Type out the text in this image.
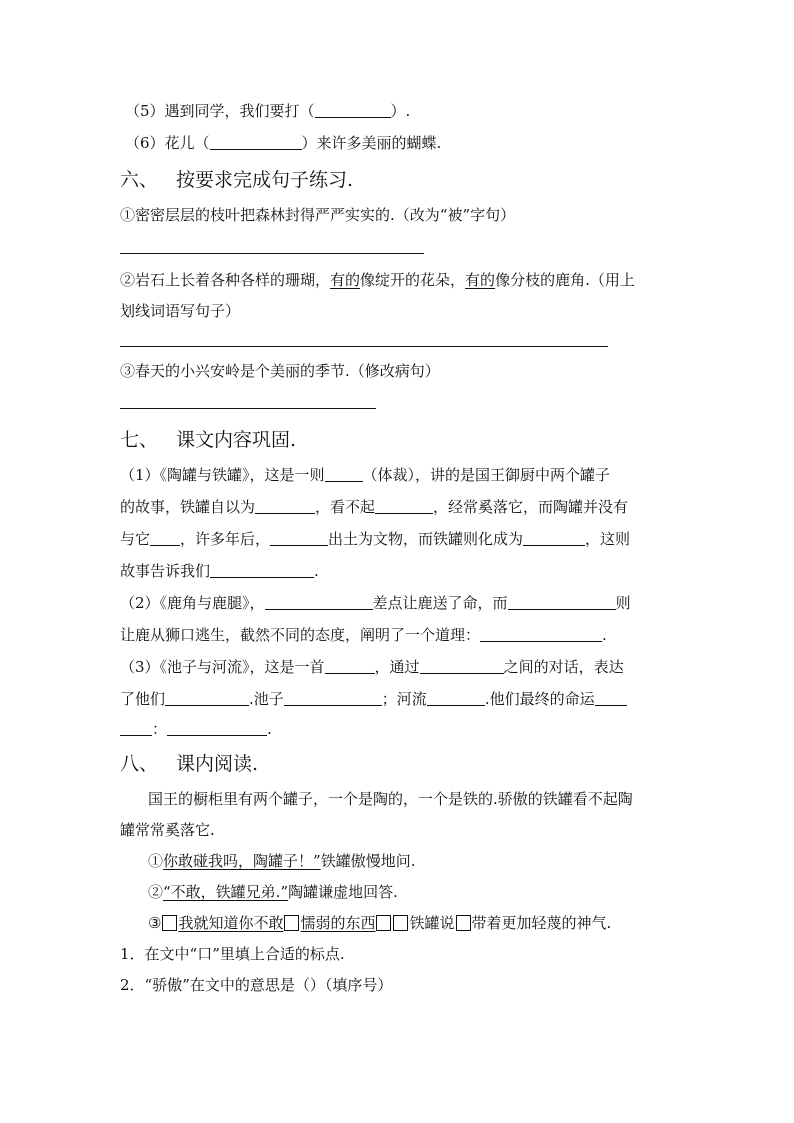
（5）遇到同学，我们要打（	）.
（6）花儿（	）来许多美丽的蝴蝶.
六、 按要求完成句子练习.
①密密层层的枝叶把森林封得严严实实的.（改为“被”字句）
②岩石上长着各种各样的珊瑚，有的像绽开的花朵，有的像分枝的鹿角.（用上
划线词语写句子）
③春天的小兴安岭是个美丽的季节.（修改病句）
七、 课文内容巩固.
（1）《陶罐与铁罐》，这是一则	（体裁），讲的是国王御厨中两个罐子
的故事，铁罐自以为	，看不起	，经常奚落它，而陶罐并没有
与它 ，许多年后，	出土为文物，而铁罐则化成为	，这则
故事告诉我们	.
（2）《鹿角与鹿腿》，	差点让鹿送了命，而	则
让鹿从狮口逃生，截然不同的态度，阐明了一个道理：	.
（3）《池子与河流》，这是一首	，通过	之间的对话，表达
了他们	.池子	；河流	.他们最终的命运
：	.
八、 课内阅读.
国王的橱柜里有两个罐子，一个是陶的，一个是铁的.骄傲的铁罐看不起陶
罐常常奚落它.
①你敢碰我吗，陶罐子！”铁罐傲慢地问.
②“不敢，铁罐兄弟.”陶罐谦虚地回答.
③ 我就知道你不敢 懦弱的东西 铁罐说 带着更加轻蔑的神气.
1．在文中“口”里填上合适的标点.
2．“骄傲”在文中的意思是（）（填序号）
